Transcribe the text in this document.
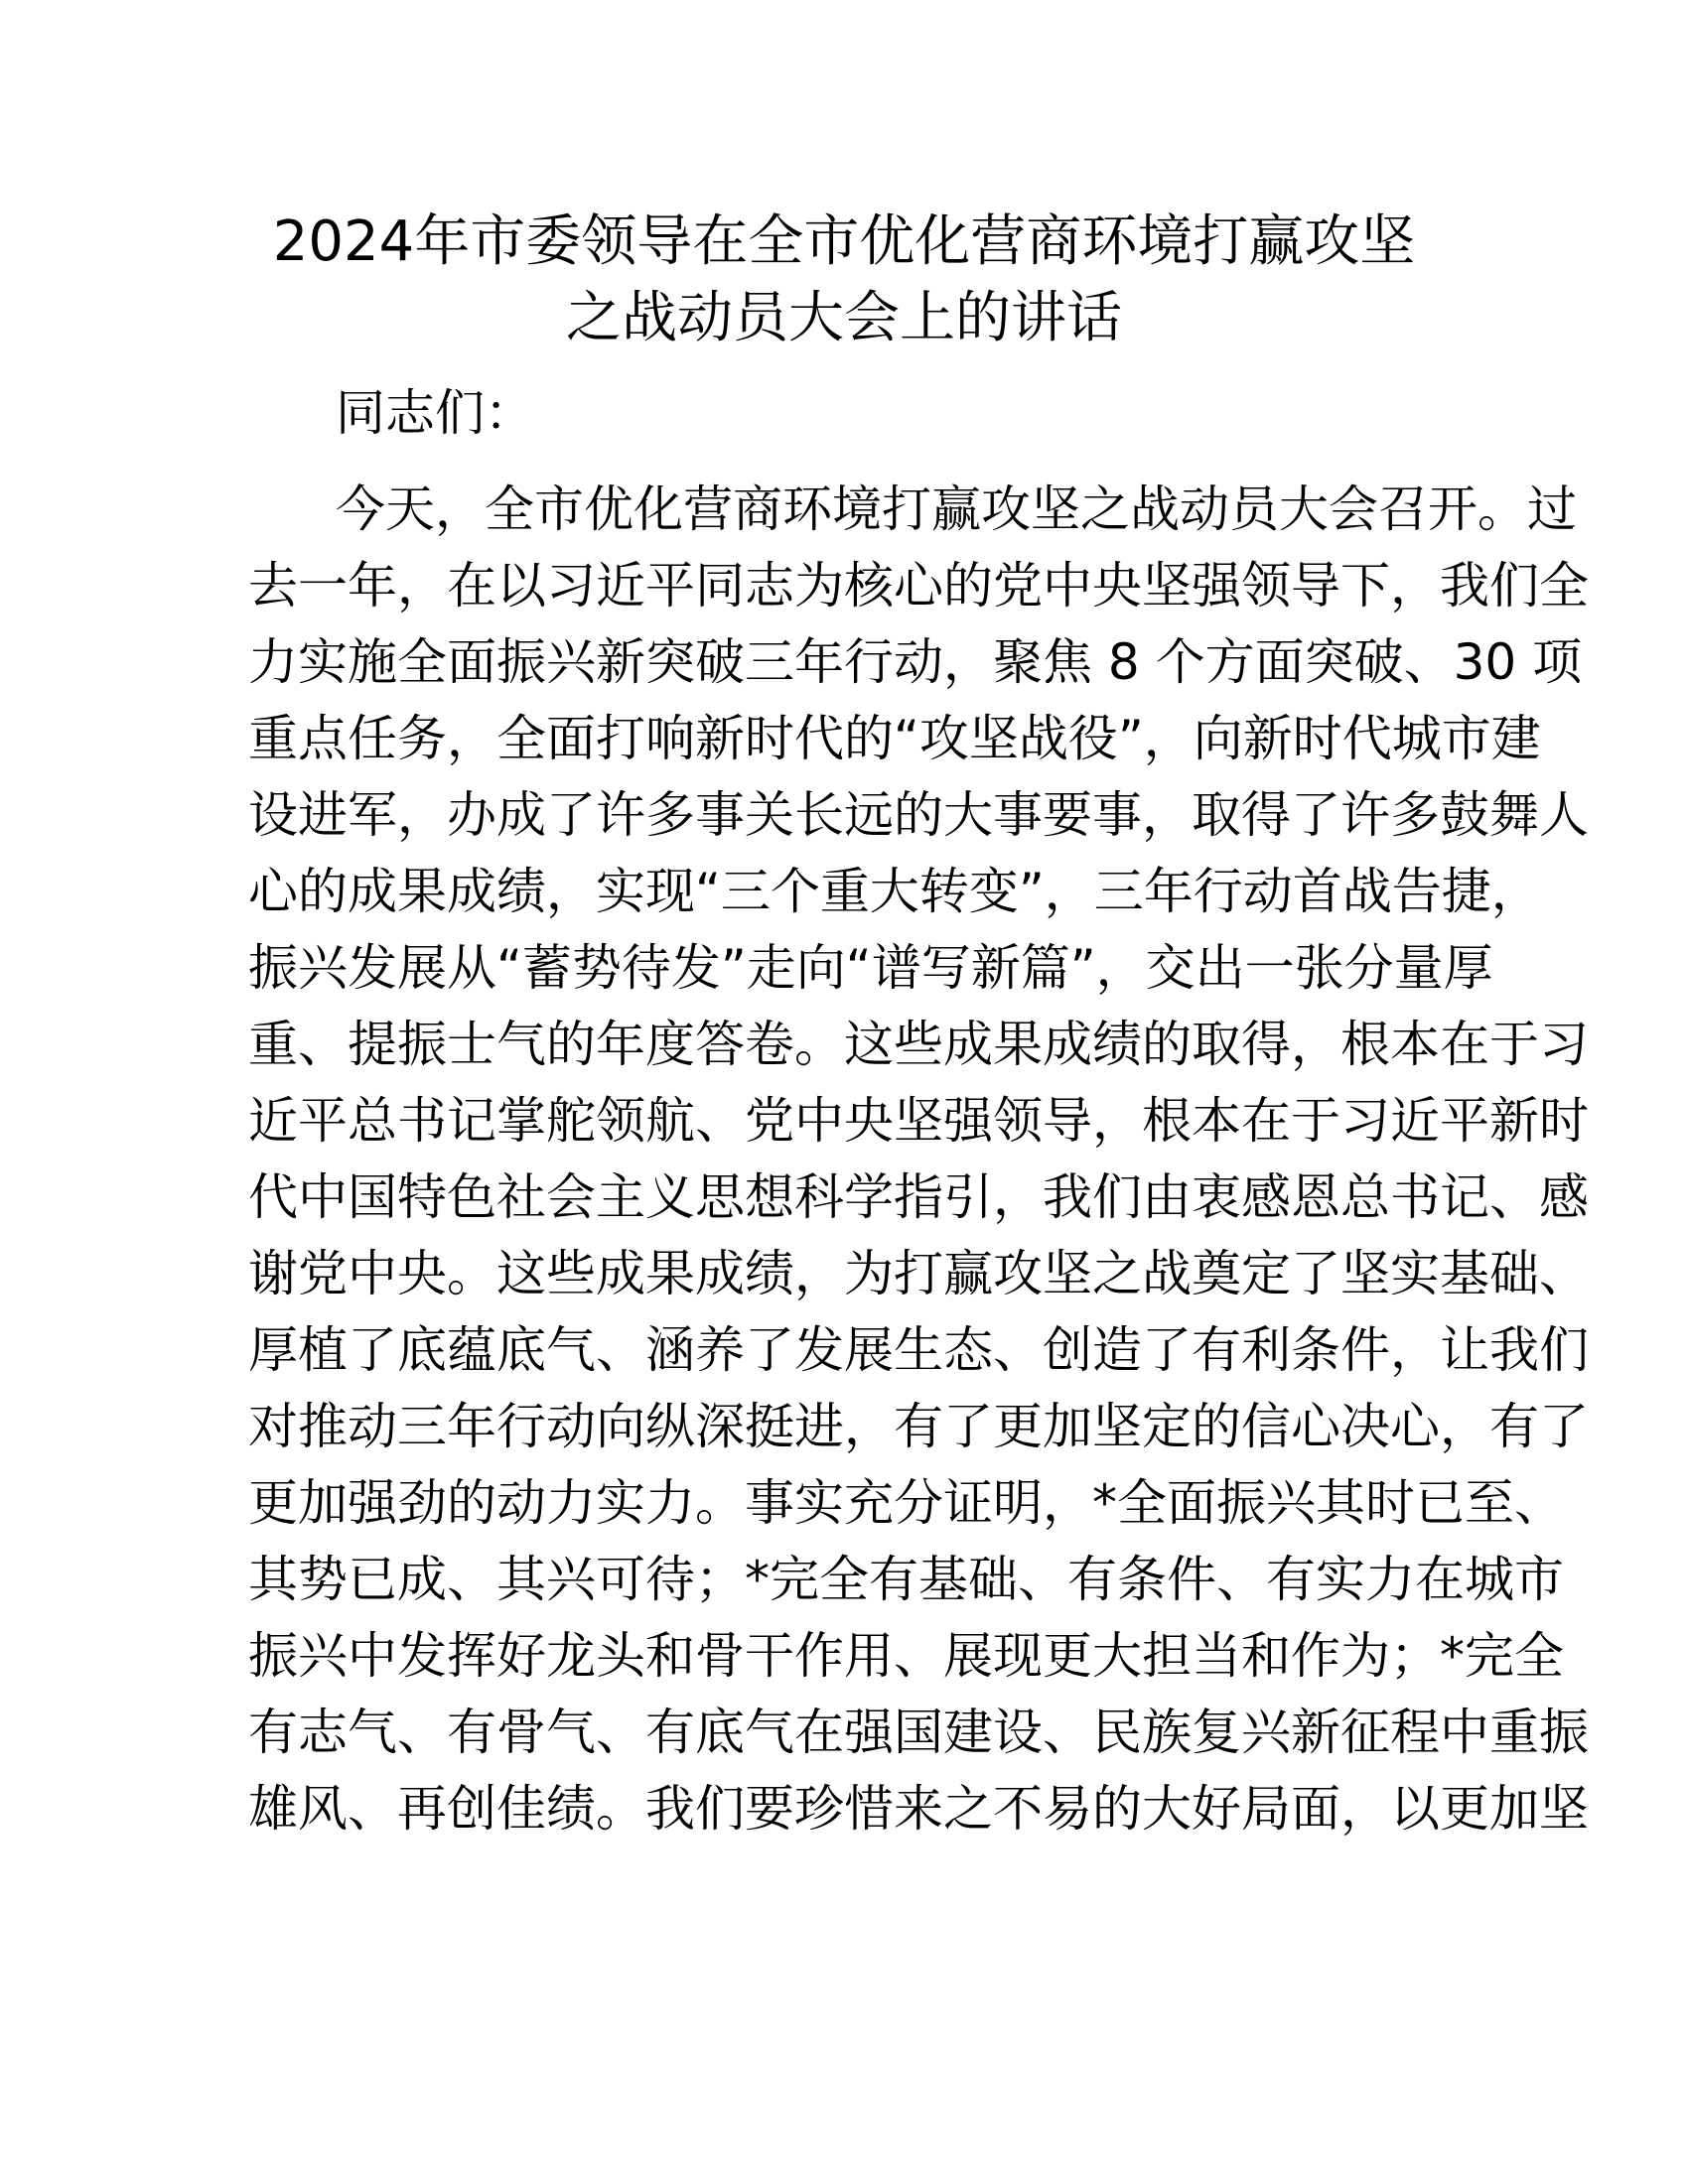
2024年市委领导在全市优化营商环境打赢攻坚
之战动员大会上的讲话
同志们：
今天，全市优化营商环境打赢攻坚之战动员大会召开。过
去一年，在以习近平同志为核心的党中央坚强领导下，我们全
力实施全面振兴新突破三年行动，聚焦 8 个方面突破、30 项
重点任务，全面打响新时代的“攻坚战役”，向新时代城市建
设进军，办成了许多事关长远的大事要事，取得了许多鼓舞人
心的成果成绩，实现“三个重大转变”，三年行动首战告捷，
振兴发展从“蓄势待发”走向“谱写新篇”，交出一张分量厚
重、提振士气的年度答卷。这些成果成绩的取得，根本在于习
近平总书记掌舵领航、党中央坚强领导，根本在于习近平新时
代中国特色社会主义思想科学指引，我们由衷感恩总书记、感
谢党中央。这些成果成绩，为打赢攻坚之战奠定了坚实基础、
厚植了底蕴底气、涵养了发展生态、创造了有利条件，让我们
对推动三年行动向纵深挺进，有了更加坚定的信心决心，有了
更加强劲的动力实力。事实充分证明，*全面振兴其时已至、
其势已成、其兴可待；*完全有基础、有条件、有实力在城市
振兴中发挥好龙头和骨干作用、展现更大担当和作为；*完全
有志气、有骨气、有底气在强国建设、民族复兴新征程中重振
雄风、再创佳绩。我们要珍惜来之不易的大好局面，以更加坚
